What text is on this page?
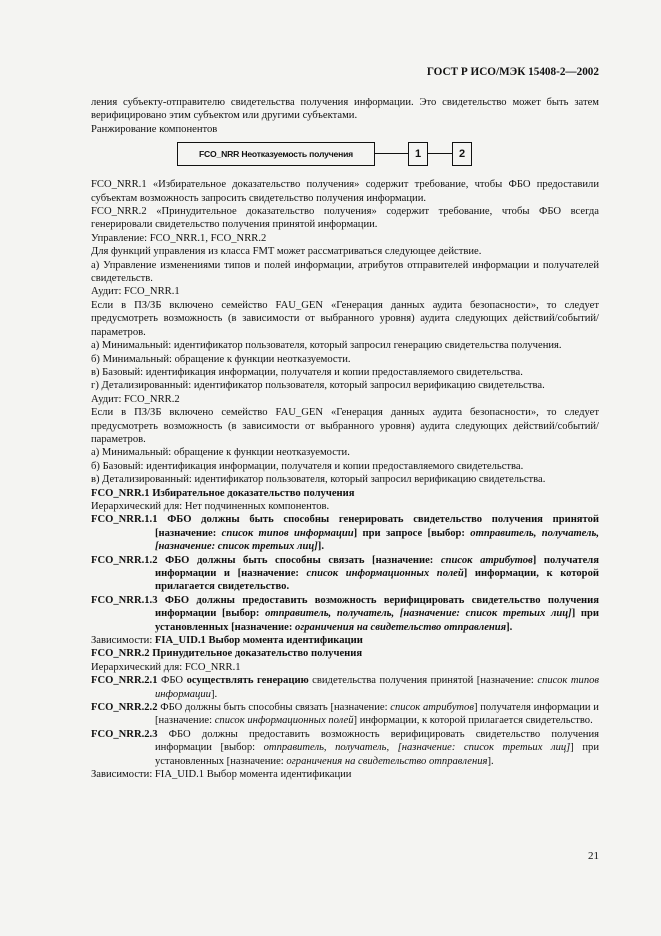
ГОСТ Р ИСО/МЭК 15408-2—2002

ления субъекту-отправителю свидетельства получения информации. Это свидетельство может быть затем верифицировано этим субъектом или другими субъектами.

Ранжирование компонентов

FCO_NRR Неотказуемость получения	1	2

FCO_NRR.1 «Избирательное доказательство получения» содержит требование, чтобы ФБО предоставили субъектам возможность запросить свидетельство получения информации.

FCO_NRR.2 «Принудительное доказательство получения» содержит требование, чтобы ФБО всегда генерировали свидетельство получения принятой информации.

Управление: FCO_NRR.1, FCO_NRR.2

Для функций управления из класса FMT может рассматриваться следующее действие.

а) Управление изменениями типов и полей информации, атрибутов отправителей информации и получателей свидетельств.

Аудит: FCO_NRR.1

Если в ПЗ/ЗБ включено семейство FAU_GEN «Генерация данных аудита безопасности», то следует предусмотреть возможность (в зависимости от выбранного уровня) аудита следующих действий/событий/параметров.

а) Минимальный: идентификатор пользователя, который запросил генерацию свидетельства получения.

б) Минимальный: обращение к функции неотказуемости.

в) Базовый: идентификация информации, получателя и копии предоставляемого свидетельства.

г) Детализированный: идентификатор пользователя, который запросил верификацию свидетельства.

Аудит: FCO_NRR.2

Если в ПЗ/ЗБ включено семейство FAU_GEN «Генерация данных аудита безопасности», то следует предусмотреть возможность (в зависимости от выбранного уровня) аудита следующих действий/событий/параметров.

а) Минимальный: обращение к функции неотказуемости.

б) Базовый: идентификация информации, получателя и копии предоставляемого свидетельства.

в) Детализированный: идентификатор пользователя, который запросил верификацию свидетельства.

FCO_NRR.1 Избирательное доказательство получения

Иерархический для: Нет подчиненных компонентов.

FCO_NRR.1.1 ФБО должны быть способны генерировать свидетельство получения принятой [назначение: список типов информации] при запросе [выбор: отправитель, получатель, [назначение: список третьих лиц]].

FCO_NRR.1.2 ФБО должны быть способны связать [назначение: список атрибутов] получателя информации и [назначение: список информационных полей] информации, к которой прилагается свидетельство.

FCO_NRR.1.3 ФБО должны предоставить возможность верифицировать свидетельство получения информации [выбор: отправитель, получатель, [назначение: список третьих лиц]] при установленных [назначение: ограничения на свидетельство отправления].

Зависимости: FIA_UID.1 Выбор момента идентификации

FCO_NRR.2 Принудительное доказательство получения

Иерархический для: FCO_NRR.1

FCO_NRR.2.1 ФБО осуществлять генерацию свидетельства получения принятой [назначение: список типов информации].

FCO_NRR.2.2 ФБО должны быть способны связать [назначение: список атрибутов] получателя информации и [назначение: список информационных полей] информации, к которой прилагается свидетельство.

FCO_NRR.2.3 ФБО должны предоставить возможность верифицировать свидетельство получения информации [выбор: отправитель, получатель, [назначение: список третьих лиц]] при установленных [назначение: ограничения на свидетельство отправления].

Зависимости: FIA_UID.1 Выбор момента идентификации

21
